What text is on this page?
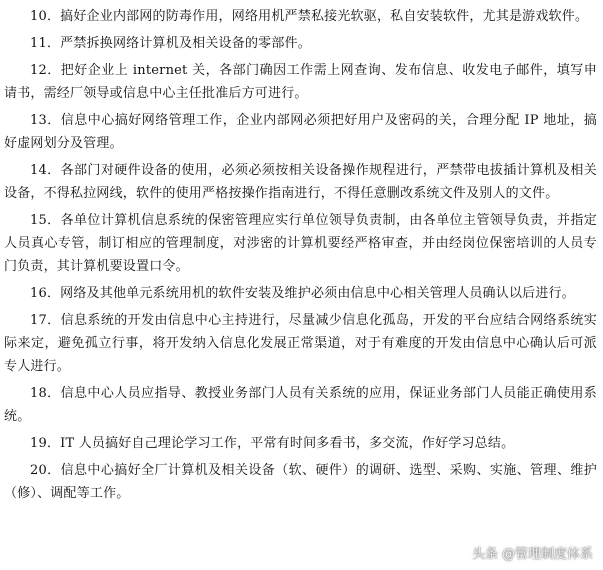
10．搞好企业内部网的防毒作用，网络用机严禁私接光软驱，私自安装软件，尤其是游戏软件。

11．严禁拆换网络计算机及相关设备的零部件。

12．把好企业上 internet 关，各部门确因工作需上网查询、发布信息、收发电子邮件，填写申请书，需经厂领导或信息中心主任批准后方可进行。

13．信息中心搞好网络管理工作，企业内部网必须把好用户及密码的关，合理分配 IP 地址，搞好虚网划分及管理。

14．各部门对硬件设备的使用，必须必须按相关设备操作规程进行，严禁带电拔插计算机及相关设备，不得私拉网线，软件的使用严格按操作指南进行，不得任意删改系统文件及别人的文件。

15．各单位计算机信息系统的保密管理应实行单位领导负责制，由各单位主管领导负责，并指定人员真心专管，制订相应的管理制度，对涉密的计算机要经严格审查，并由经岗位保密培训的人员专门负责，其计算机要设置口令。

16．网络及其他单元系统用机的软件安装及维护必须由信息中心相关管理人员确认以后进行。

17．信息系统的开发由信息中心主持进行，尽量减少信息化孤岛，开发的平台应结合网络系统实际来定，避免孤立行事，将开发纳入信息化发展正常渠道，对于有难度的开发由信息中心确认后可派专人进行。

18．信息中心人员应指导、教授业务部门人员有关系统的应用，保证业务部门人员能正确使用系统。

19．IT 人员搞好自己理论学习工作，平常有时间多看书，多交流，作好学习总结。

20．信息中心搞好全厂计算机及相关设备（软、硬件）的调研、选型、采购、实施、管理、维护（修）、调配等工作。

头条 @管理制度体系
